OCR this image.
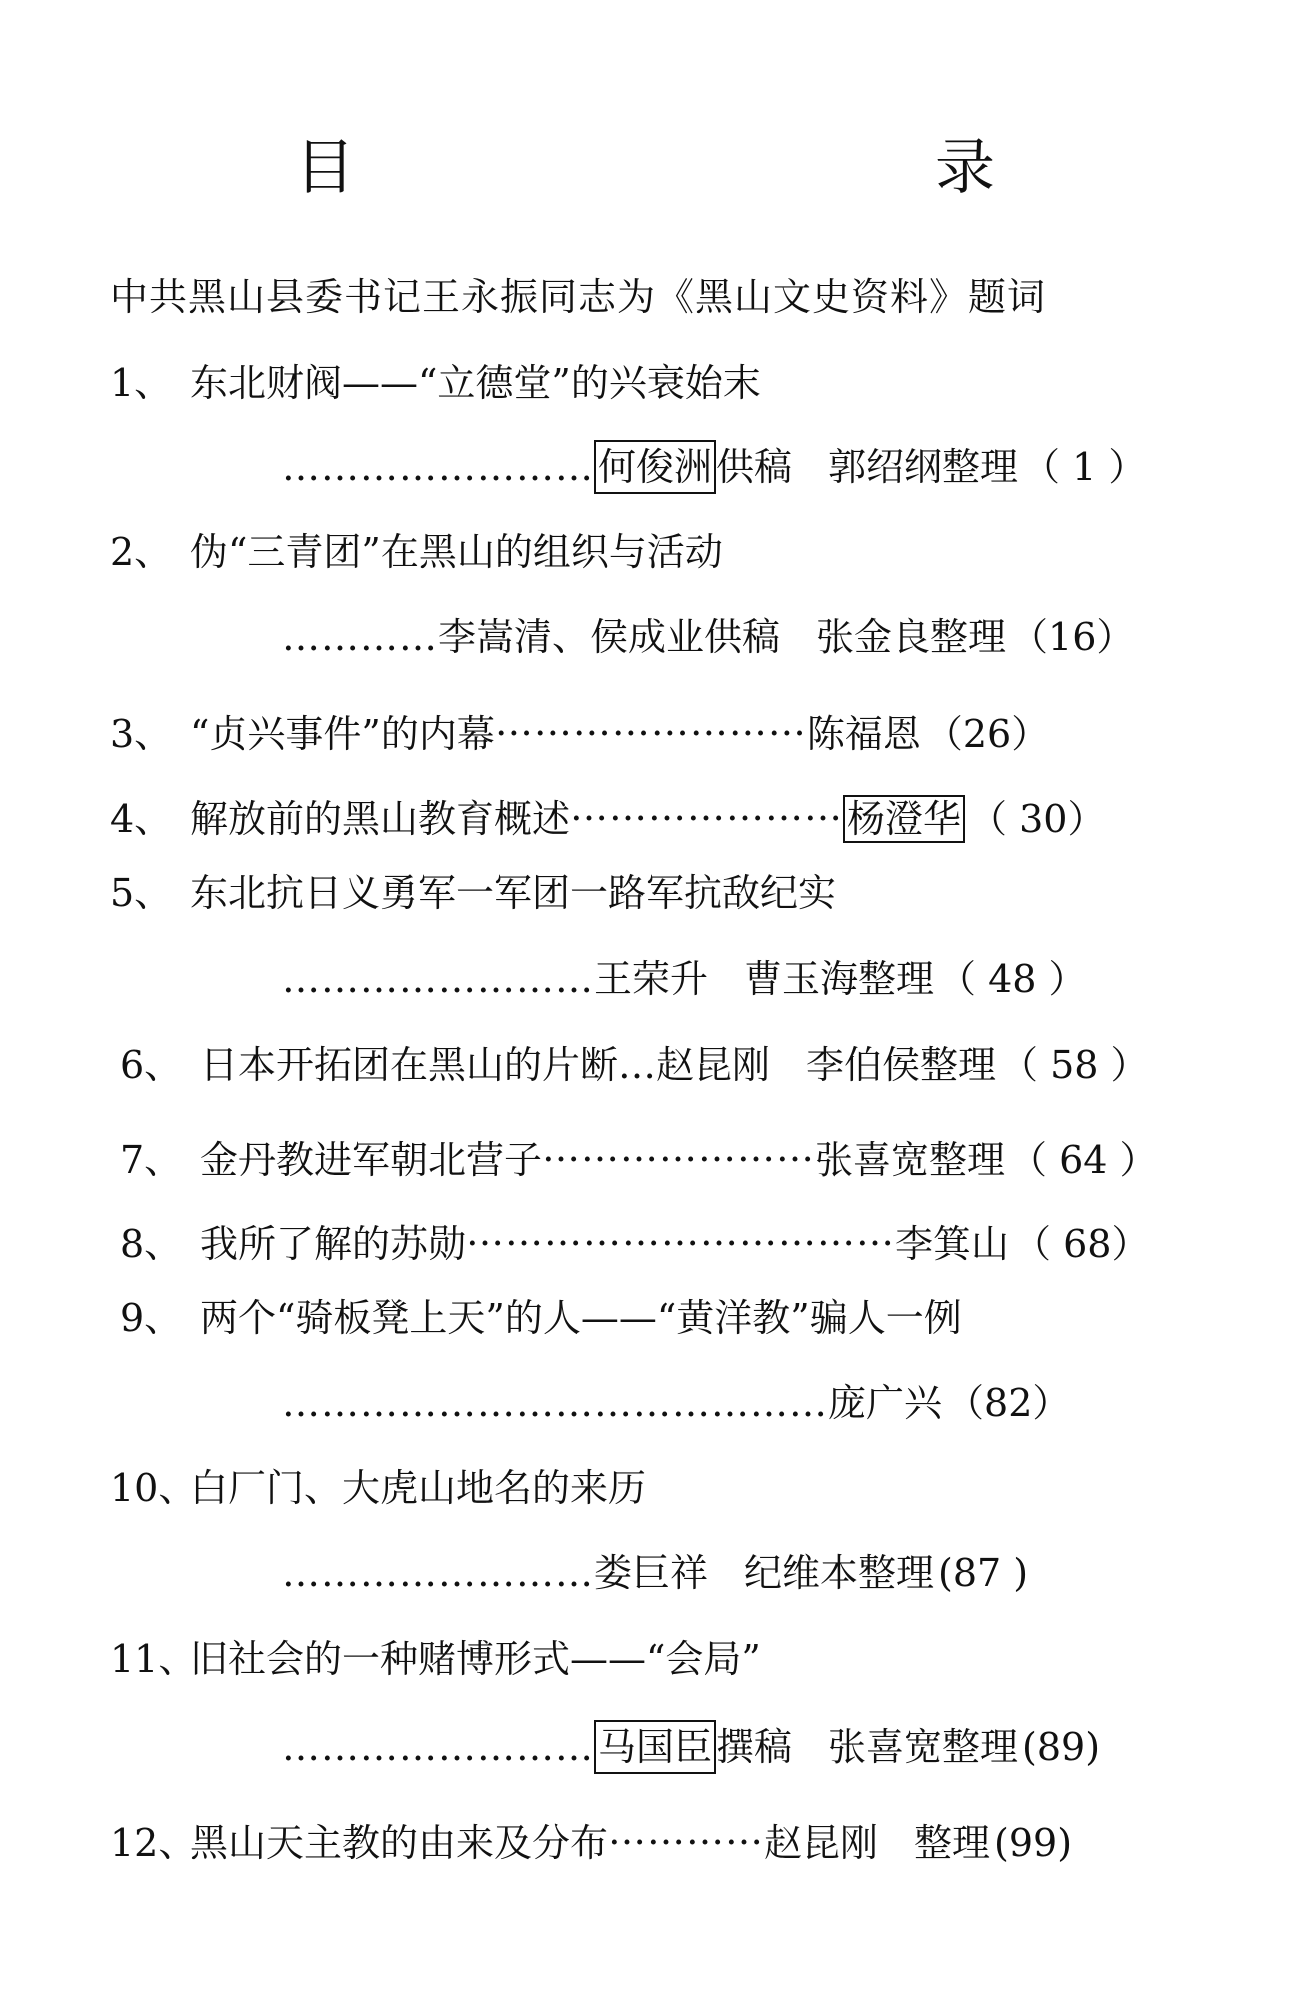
目　录
中共黑山县委书记王永振同志为《黑山文史资料》题词
1、 东北财阀——“立德堂”的兴衰始末
…………………… 何俊洲 供稿 郭绍纲整理 （ 1 ）
2、 伪“三青团”在黑山的组织与活动
………… 李嵩清、侯成业供稿 张金良整理 （16）
3、 “贞兴事件”的内幕……………………陈福恩 （26）
4、 解放前的黑山教育概述………………… 杨澄华 （ 30）
5、 东北抗日义勇军一军团一路军抗敌纪实
…………………… 王荣升 曹玉海整理 （ 48 ）
6、 日本开拓团在黑山的片断…赵昆刚 李伯侯整理 （ 58 ）
7、 金丹教进军朝北营子…………………张喜宽整理 （ 64 ）
8、 我所了解的苏勋……………………………李箕山 （ 68）
9、 两个“骑板凳上天”的人——“黄洋教”骗人一例
…………………………………… 庞广兴 （82）
10、白厂门、大虎山地名的来历
…………………… 娄巨祥 纪维本整理 (87 )
11、旧社会的一种赌博形式——“会局”
…………………… 马国臣 撰稿 张喜宽整理 (89)
12、黑山天主教的由来及分布…………赵昆刚 整理 (99)
